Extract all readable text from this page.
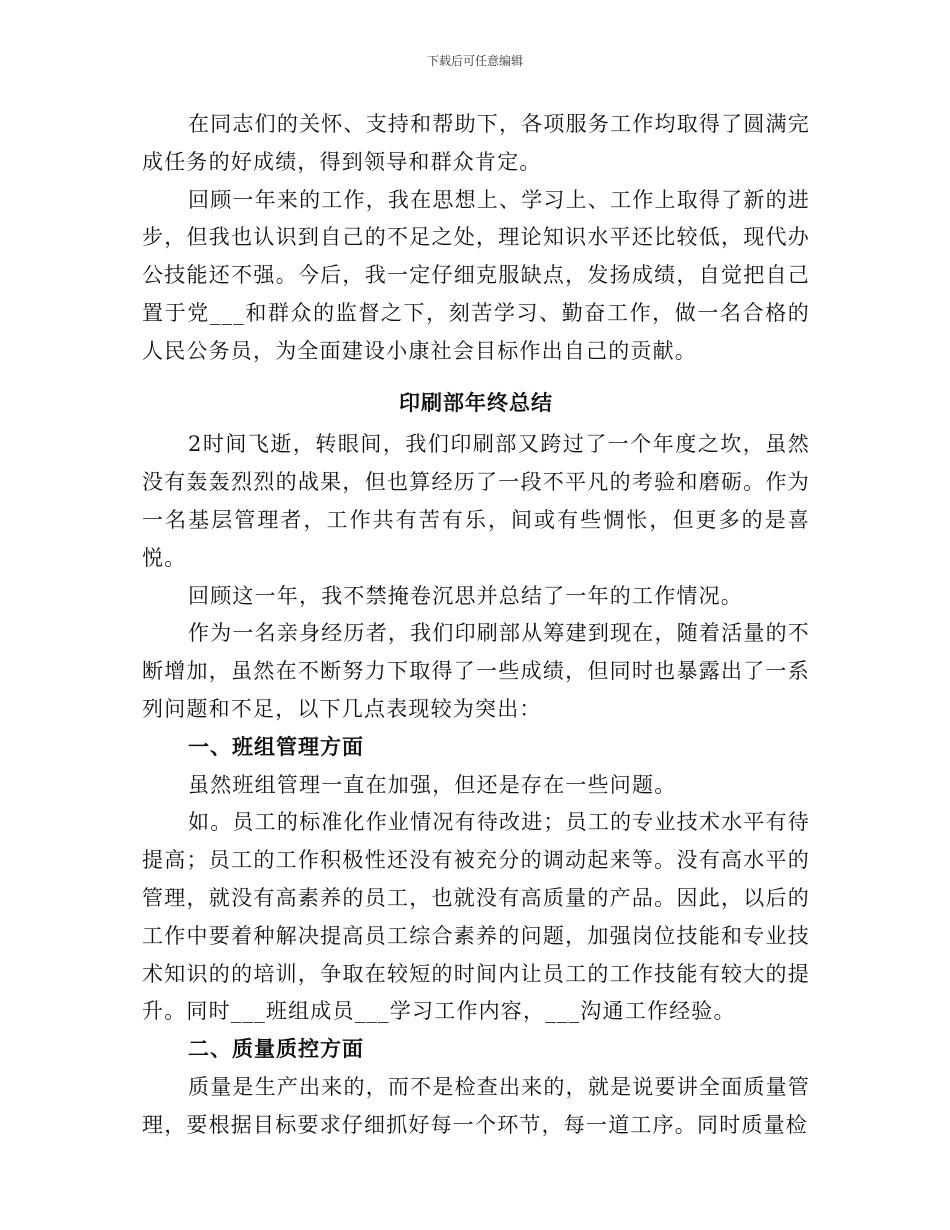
下载后可任意编辑

在同志们的关怀、支持和帮助下，各项服务工作均取得了圆满完成任务的好成绩，得到领导和群众肯定。

回顾一年来的工作，我在思想上、学习上、工作上取得了新的进步，但我也认识到自己的不足之处，理论知识水平还比较低，现代办公技能还不强。今后，我一定仔细克服缺点，发扬成绩，自觉把自己置于党___和群众的监督之下，刻苦学习、勤奋工作，做一名合格的人民公务员，为全面建设小康社会目标作出自己的贡献。

印刷部年终总结

2时间飞逝，转眼间，我们印刷部又跨过了一个年度之坎，虽然没有轰轰烈烈的战果，但也算经历了一段不平凡的考验和磨砺。作为一名基层管理者，工作共有苦有乐，间或有些惆怅，但更多的是喜悦。

回顾这一年，我不禁掩卷沉思并总结了一年的工作情况。

作为一名亲身经历者，我们印刷部从筹建到现在，随着活量的不断增加，虽然在不断努力下取得了一些成绩，但同时也暴露出了一系列问题和不足，以下几点表现较为突出：

一、班组管理方面

虽然班组管理一直在加强，但还是存在一些问题。

如。员工的标准化作业情况有待改进；员工的专业技术水平有待提高；员工的工作积极性还没有被充分的调动起来等。没有高水平的管理，就没有高素养的员工，也就没有高质量的产品。因此，以后的工作中要着种解决提高员工综合素养的问题，加强岗位技能和专业技术知识的的培训，争取在较短的时间内让员工的工作技能有较大的提升。同时___班组成员___学习工作内容，___沟通工作经验。

二、质量质控方面

质量是生产出来的，而不是检查出来的，就是说要讲全面质量管理，要根据目标要求仔细抓好每一个环节，每一道工序。同时质量检
